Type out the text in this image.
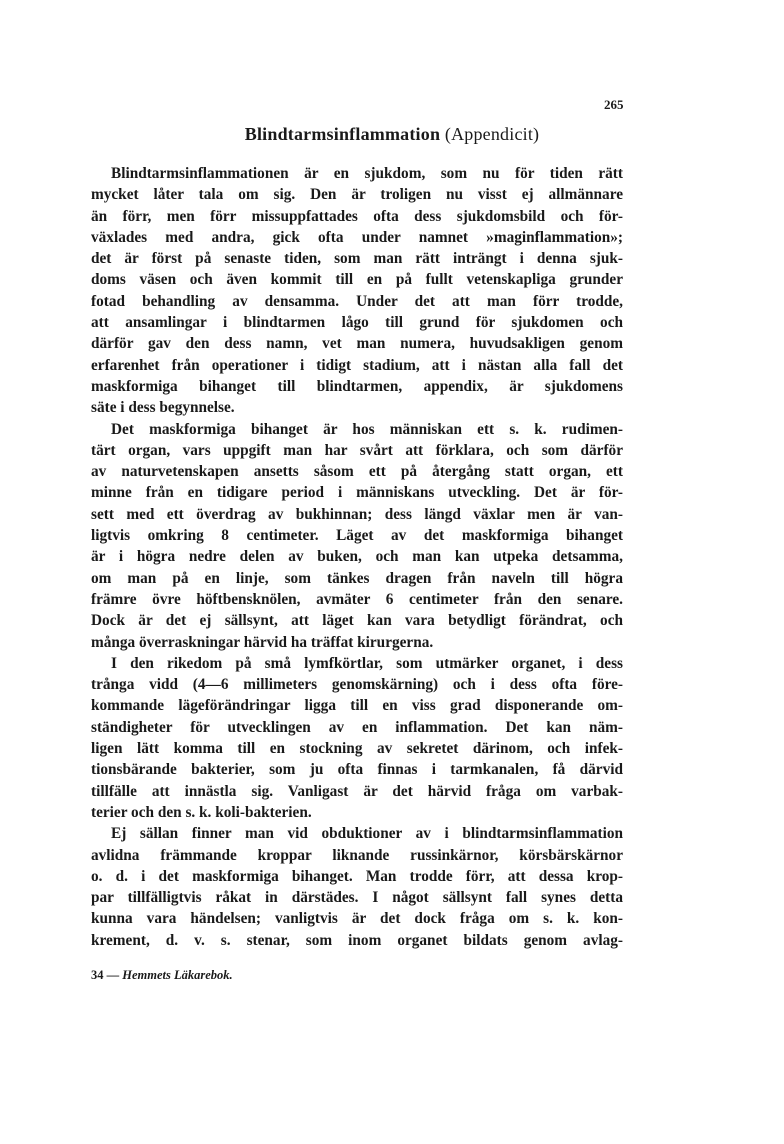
265
Blindtarmsinflammation (Appendicit)
Blindtarmsinflammationen är en sjukdom, som nu för tiden rätt
mycket låter tala om sig. Den är troligen nu visst ej allmännare
än förr, men förr missuppfattades ofta dess sjukdomsbild och för-
växlades med andra, gick ofta under namnet »maginflammation»;
det är först på senaste tiden, som man rätt inträngt i denna sjuk-
doms väsen och även kommit till en på fullt vetenskapliga grunder
fotad behandling av densamma. Under det att man förr trodde,
att ansamlingar i blindtarmen lågo till grund för sjukdomen och
därför gav den dess namn, vet man numera, huvudsakligen genom
erfarenhet från operationer i tidigt stadium, att i nästan alla fall det
maskformiga bihanget till blindtarmen, appendix, är sjukdomens
säte i dess begynnelse.
Det maskformiga bihanget är hos människan ett s. k. rudimen-
tärt organ, vars uppgift man har svårt att förklara, och som därför
av naturvetenskapen ansetts såsom ett på återgång statt organ, ett
minne från en tidigare period i människans utveckling. Det är för-
sett med ett överdrag av bukhinnan; dess längd växlar men är van-
ligtvis omkring 8 centimeter. Läget av det maskformiga bihanget
är i högra nedre delen av buken, och man kan utpeka detsamma,
om man på en linje, som tänkes dragen från naveln till högra
främre övre höftbensknölen, avmäter 6 centimeter från den senare.
Dock är det ej sällsynt, att läget kan vara betydligt förändrat, och
många överraskningar härvid ha träffat kirurgerna.
I den rikedom på små lymfkörtlar, som utmärker organet, i dess
trånga vidd (4—6 millimeters genomskärning) och i dess ofta före-
kommande lägeförändringar ligga till en viss grad disponerande om-
ständigheter för utvecklingen av en inflammation. Det kan näm-
ligen lätt komma till en stockning av sekretet därinom, och infek-
tionsbärande bakterier, som ju ofta finnas i tarmkanalen, få därvid
tillfälle att innästla sig. Vanligast är det härvid fråga om varbak-
terier och den s. k. koli-bakterien.
Ej sällan finner man vid obduktioner av i blindtarmsinflammation
avlidna främmande kroppar liknande russinkärnor, körsbärskärnor
o. d. i det maskformiga bihanget. Man trodde förr, att dessa krop-
par tillfälligtvis råkat in därstädes. I något sällsynt fall synes detta
kunna vara händelsen; vanligtvis är det dock fråga om s. k. kon-
krement, d. v. s. stenar, som inom organet bildats genom avlag-
34 — Hemmets Läkarebok.
